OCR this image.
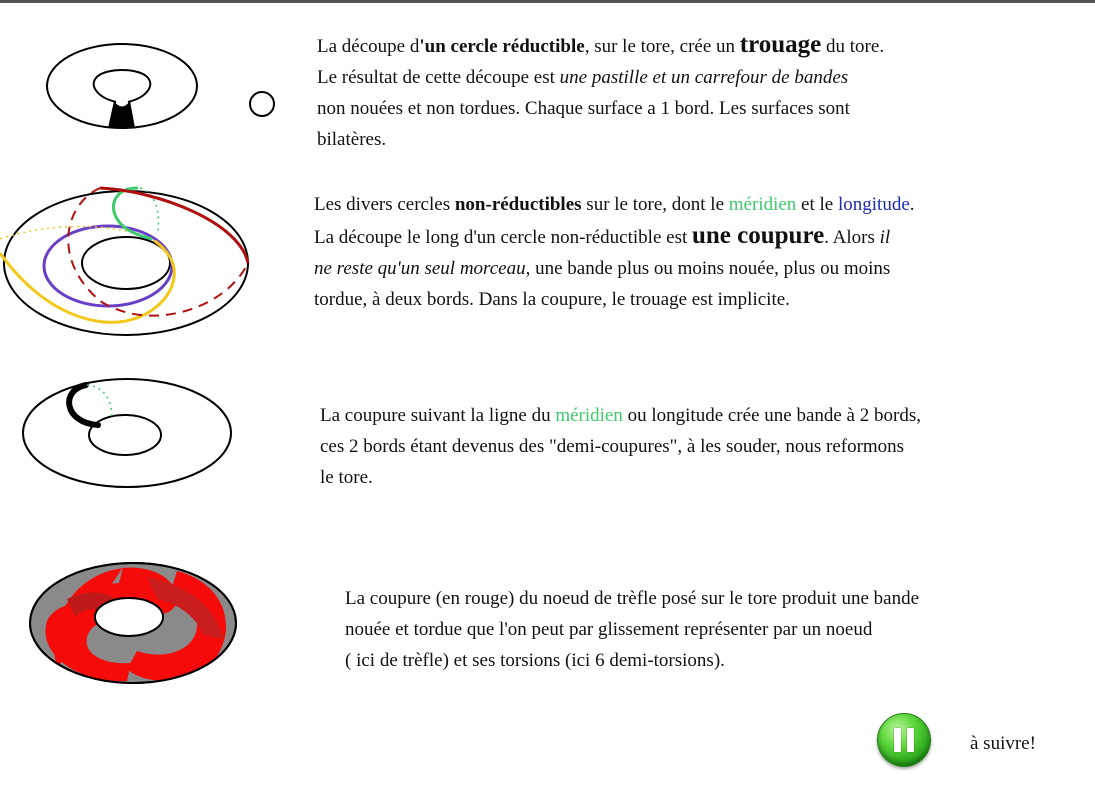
La découpe d'un cercle réductible, sur le tore, crée un trouage du tore.
Le résultat de cette découpe est une pastille et un carrefour de bandes
non nouées et non tordues. Chaque surface a 1 bord. Les surfaces sont
bilatères.
Les divers cercles non-réductibles sur le tore, dont le méridien et le longitude.
La découpe le long d'un cercle non-réductible est une coupure. Alors il
ne reste qu'un seul morceau, une bande plus ou moins nouée, plus ou moins
tordue, à deux bords. Dans la coupure, le trouage est implicite.
La coupure suivant la ligne du méridien ou longitude crée une bande à 2 bords,
ces 2 bords étant devenus des "demi-coupures", à les souder, nous reformons
le tore.
La coupure (en rouge) du noeud de trèfle posé sur le tore produit une bande
nouée et tordue que l'on peut par glissement représenter par un noeud
( ici de trèfle) et ses torsions (ici 6 demi-torsions).
à suivre!
